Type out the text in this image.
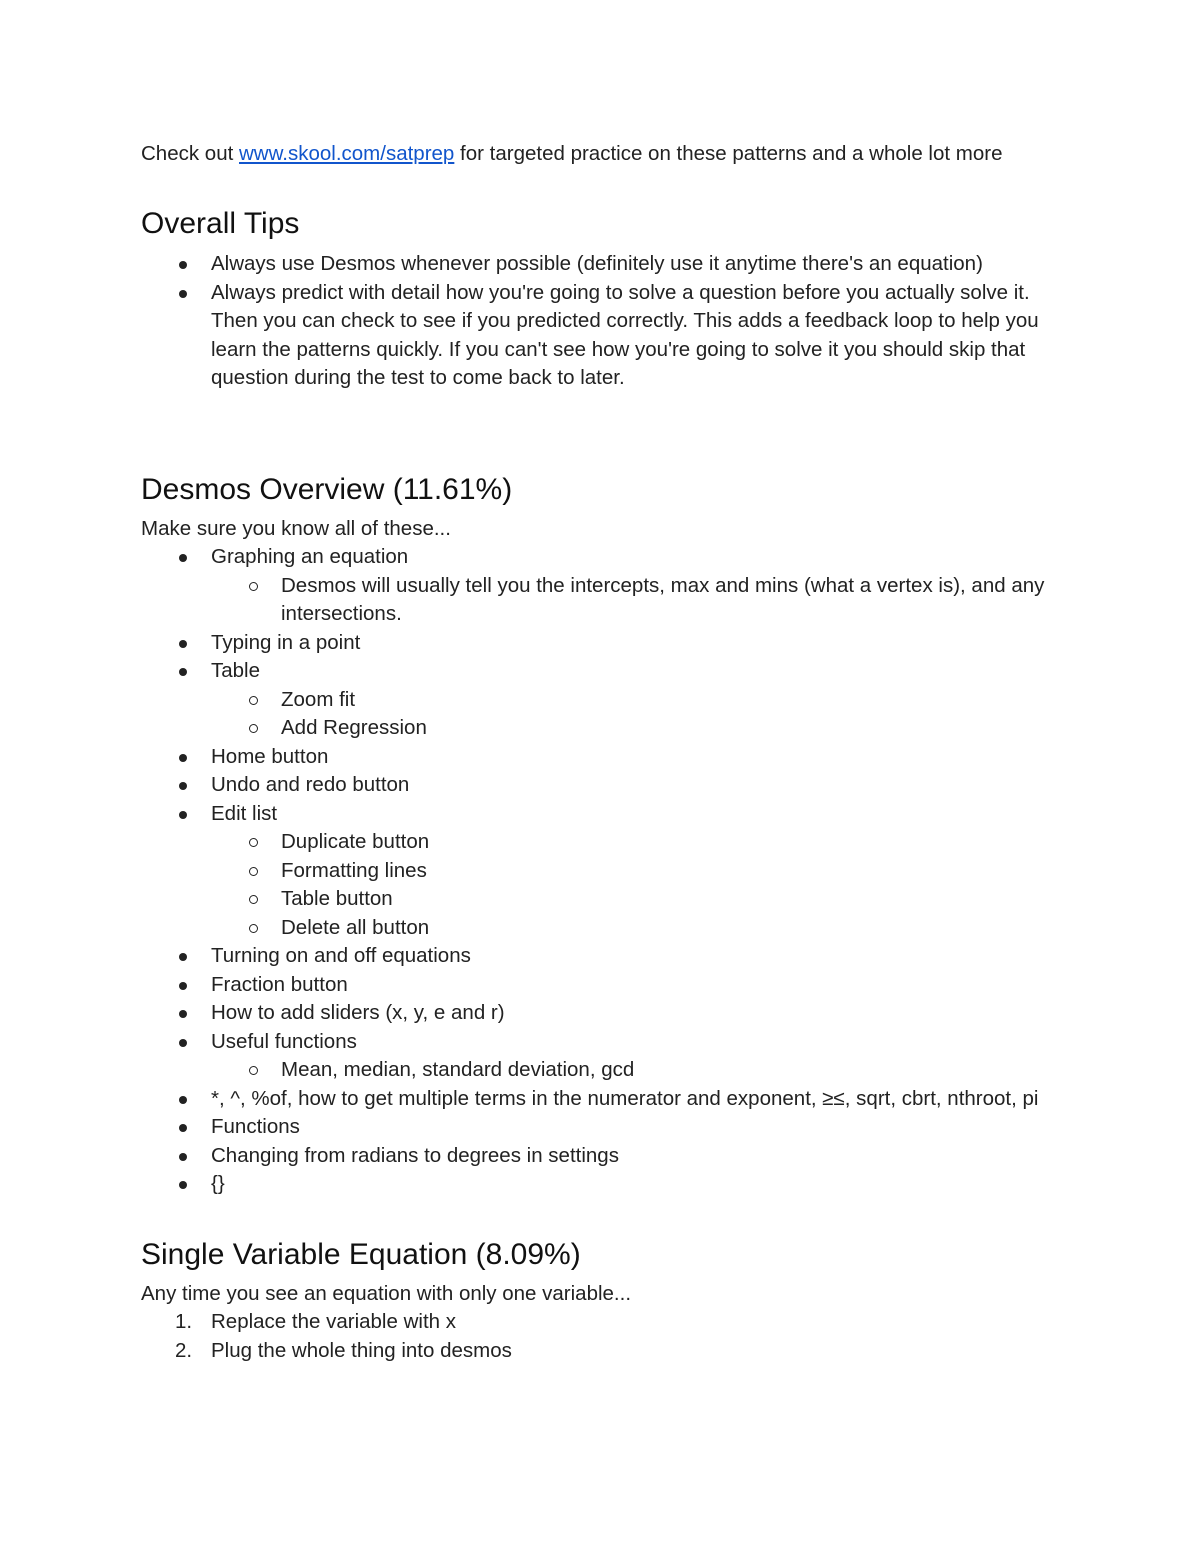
Check out www.skool.com/satprep for targeted practice on these patterns and a whole lot more

Overall Tips
Always use Desmos whenever possible (definitely use it anytime there's an equation)
Always predict with detail how you're going to solve a question before you actually solve it. Then you can check to see if you predicted correctly. This adds a feedback loop to help you learn the patterns quickly. If you can't see how you're going to solve it you should skip that question during the test to come back to later.
Desmos Overview (11.61%)

Make sure you know all of these...

Graphing an equation
Desmos will usually tell you the intercepts, max and mins (what a vertex is), and any intersections.
Typing in a point
Table
Zoom fit
Add Regression
Home button
Undo and redo button
Edit list
Duplicate button
Formatting lines
Table button
Delete all button
Turning on and off equations
Fraction button
How to add sliders (x, y, e and r)
Useful functions
Mean, median, standard deviation, gcd
*, ^, %of, how to get multiple terms in the numerator and exponent, ≥≤, sqrt, cbrt, nthroot, pi
Functions
Changing from radians to degrees in settings
{}
Single Variable Equation (8.09%)

Any time you see an equation with only one variable...

1. Replace the variable with x
2. Plug the whole thing into desmos
